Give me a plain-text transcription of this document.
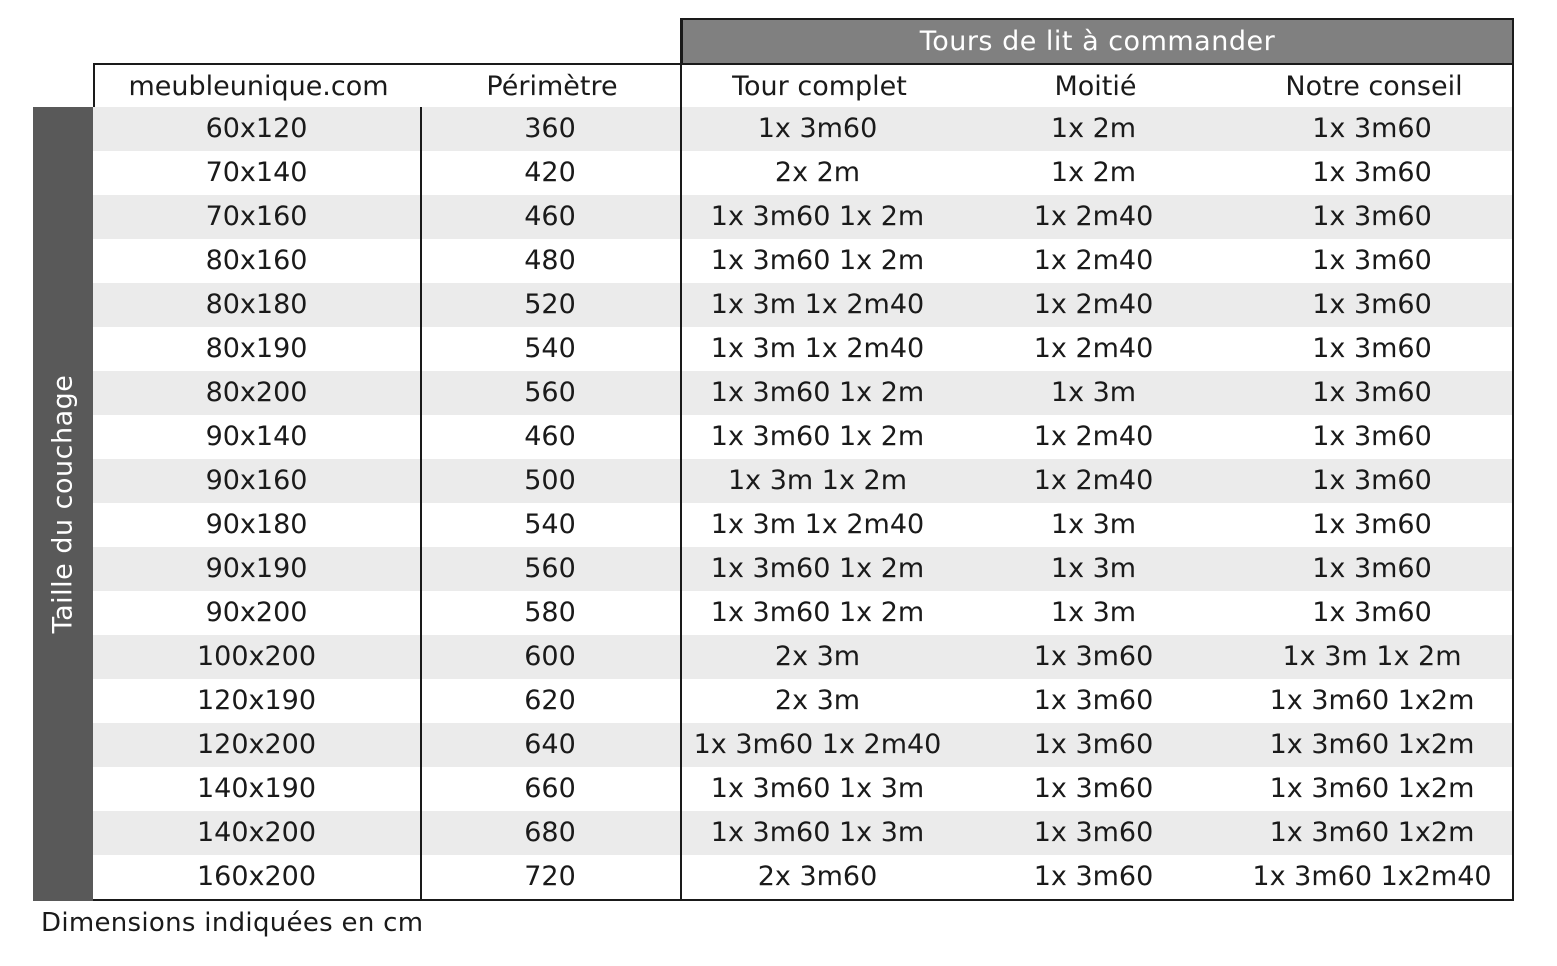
Tours de lit à commander
meubleunique.com	Périmètre	Tour complet	Moitié	Notre conseil
Taille du couchage
60x120	360	1x 3m60	1x 2m	1x 3m60
70x140	420	2x 2m	1x 2m	1x 3m60
70x160	460	1x 3m60 1x 2m	1x 2m40	1x 3m60
80x160	480	1x 3m60 1x 2m	1x 2m40	1x 3m60
80x180	520	1x 3m 1x 2m40	1x 2m40	1x 3m60
80x190	540	1x 3m 1x 2m40	1x 2m40	1x 3m60
80x200	560	1x 3m60 1x 2m	1x 3m	1x 3m60
90x140	460	1x 3m60 1x 2m	1x 2m40	1x 3m60
90x160	500	1x 3m 1x 2m	1x 2m40	1x 3m60
90x180	540	1x 3m 1x 2m40	1x 3m	1x 3m60
90x190	560	1x 3m60 1x 2m	1x 3m	1x 3m60
90x200	580	1x 3m60 1x 2m	1x 3m	1x 3m60
100x200	600	2x 3m	1x 3m60	1x 3m 1x 2m
120x190	620	2x 3m	1x 3m60	1x 3m60 1x2m
120x200	640	1x 3m60 1x 2m40	1x 3m60	1x 3m60 1x2m
140x190	660	1x 3m60 1x 3m	1x 3m60	1x 3m60 1x2m
140x200	680	1x 3m60 1x 3m	1x 3m60	1x 3m60 1x2m
160x200	720	2x 3m60	1x 3m60	1x 3m60 1x2m40
Dimensions indiquées en cm
